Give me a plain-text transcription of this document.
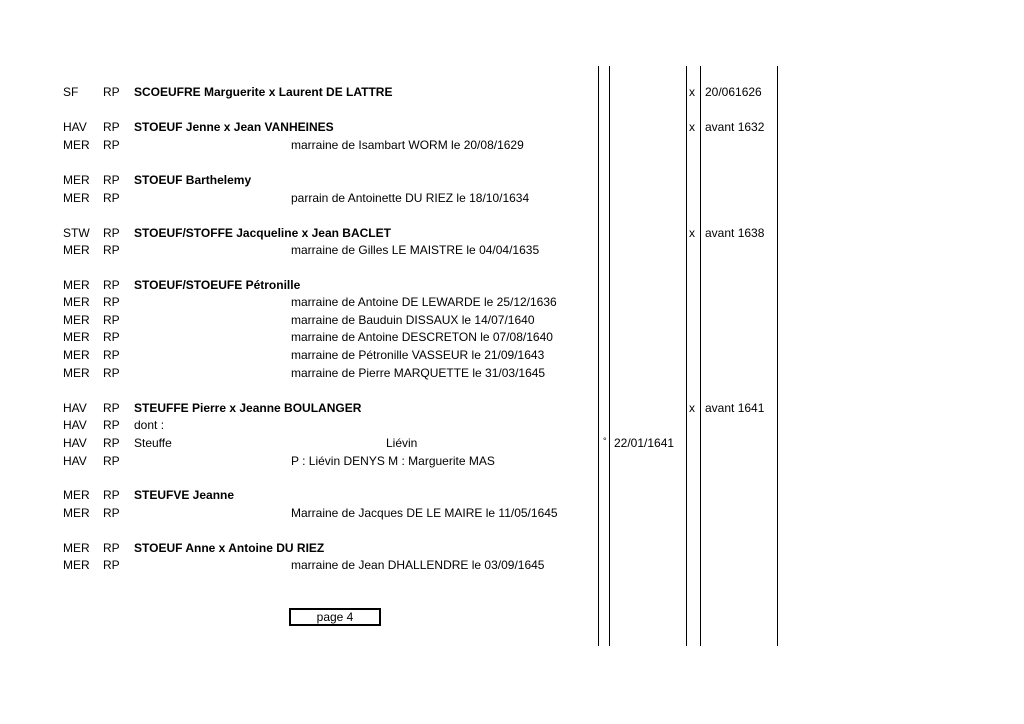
SF RP SCOEUFRE Marguerite x Laurent DE LATTRE	x 20/061626
HAV RP STOEUF Jenne x Jean VANHEINES	x avant 1632
MER RP	marraine de Isambart WORM le 20/08/1629
MER RP STOEUF Barthelemy
MER RP	parrain de Antoinette DU RIEZ le 18/10/1634
STW RP STOEUF/STOFFE Jacqueline x Jean BACLET	x avant 1638
MER RP	marraine de Gilles LE MAISTRE le 04/04/1635
MER RP STOEUF/STOEUFE Pétronille
MER RP	marraine de Antoine DE LEWARDE le 25/12/1636
MER RP	marraine de Bauduin DISSAUX le 14/07/1640
MER RP	marraine de Antoine DESCRETON le 07/08/1640
MER RP	marraine de Pétronille VASSEUR le 21/09/1643
MER RP	marraine de Pierre MARQUETTE le 31/03/1645
HAV RP STEUFFE Pierre x Jeanne BOULANGER	x avant 1641
HAV RP dont :
HAV RP Steuffe	Liévin	° 22/01/1641
HAV RP	P : Liévin DENYS M : Marguerite MAS
MER RP STEUFVE Jeanne
MER RP	Marraine de Jacques DE LE MAIRE le 11/05/1645
MER RP STOEUF Anne x Antoine DU RIEZ
MER RP	marraine de Jean DHALLENDRE le 03/09/1645
page 4
